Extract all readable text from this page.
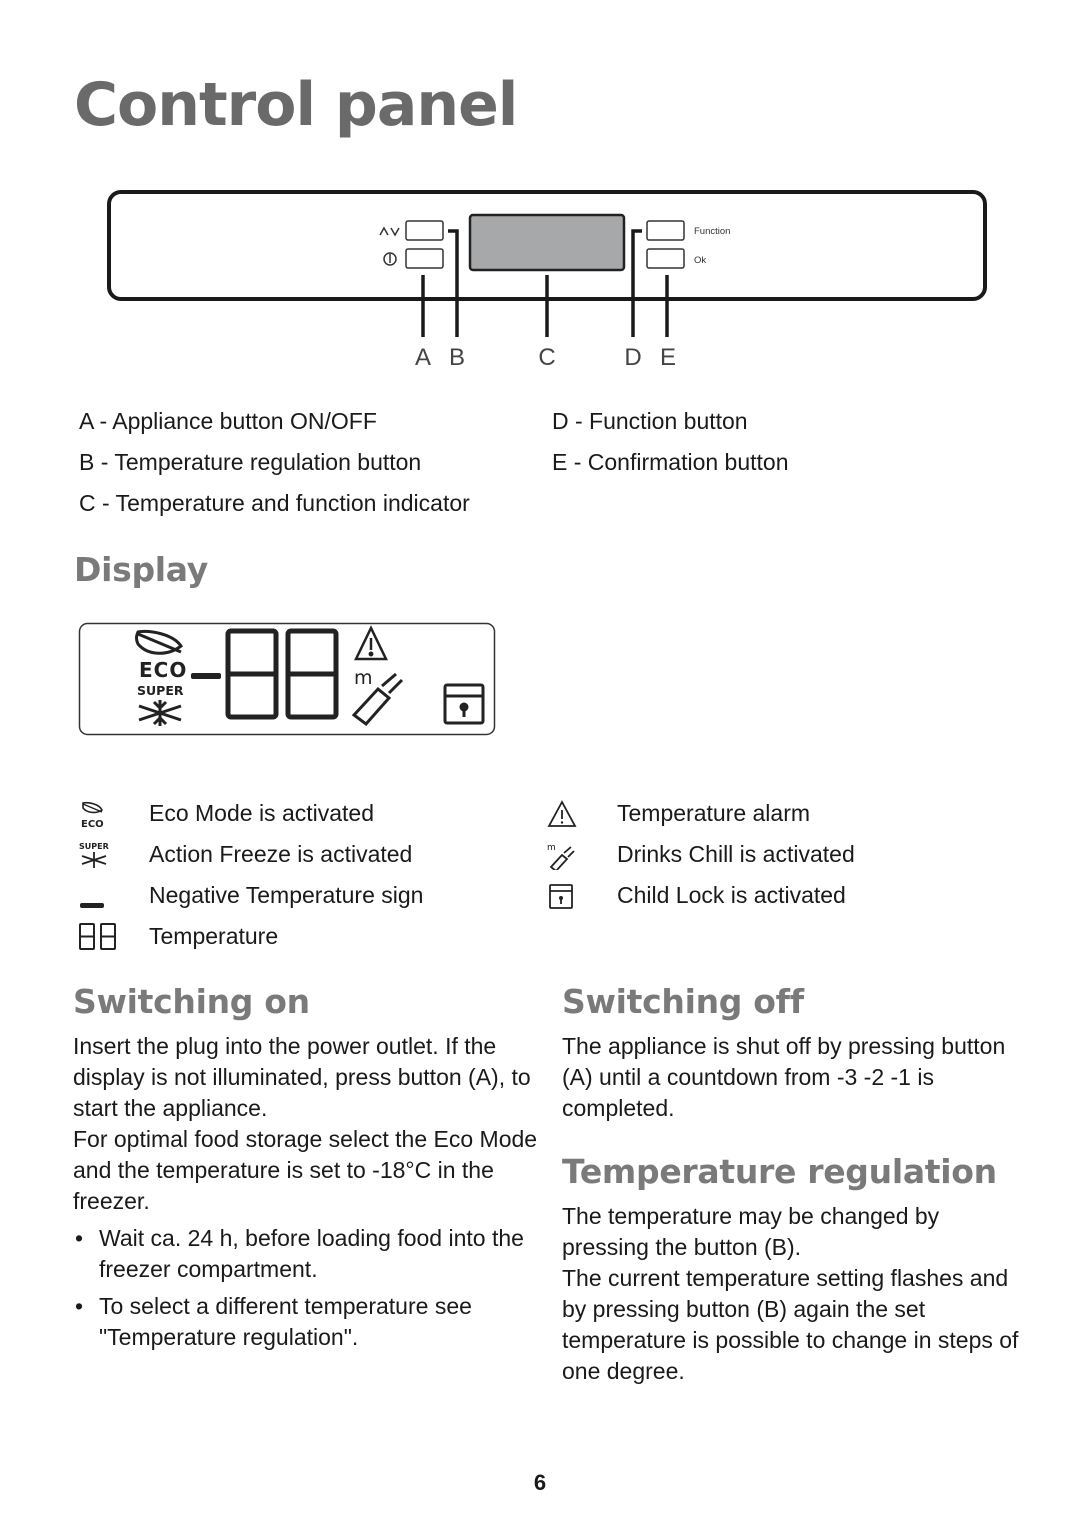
Control panel
Function
Ok
A B	C	D E
A - Appliance button ON/OFF
B - Temperature regulation button
C - Temperature and function indicator
D - Function button
E - Confirmation button
Display
ECO
SUPER
m
ECO Eco Mode is activated
SUPER Action Freeze is activated
Negative Temperature sign
Temperature
Temperature alarm
m	Drinks Chill is activated
Child Lock is activated
Switching on

Insert the plug into the power outlet. If the display is not illuminated, press button (A), to start the appliance.

For optimal food storage select the Eco Mode and the temperature is set to -18°C in the freezer.

• Wait ca. 24 h, before loading food into the freezer compartment.
• To select a different temperature see "Temperature regulation".
Switching off

The appliance is shut off by pressing button (A) until a countdown from -3 -2 -1 is completed.

Temperature regulation

The temperature may be changed by pressing the button (B).

The current temperature setting flashes and by pressing button (B) again the set temperature is possible to change in steps of one degree.

6
